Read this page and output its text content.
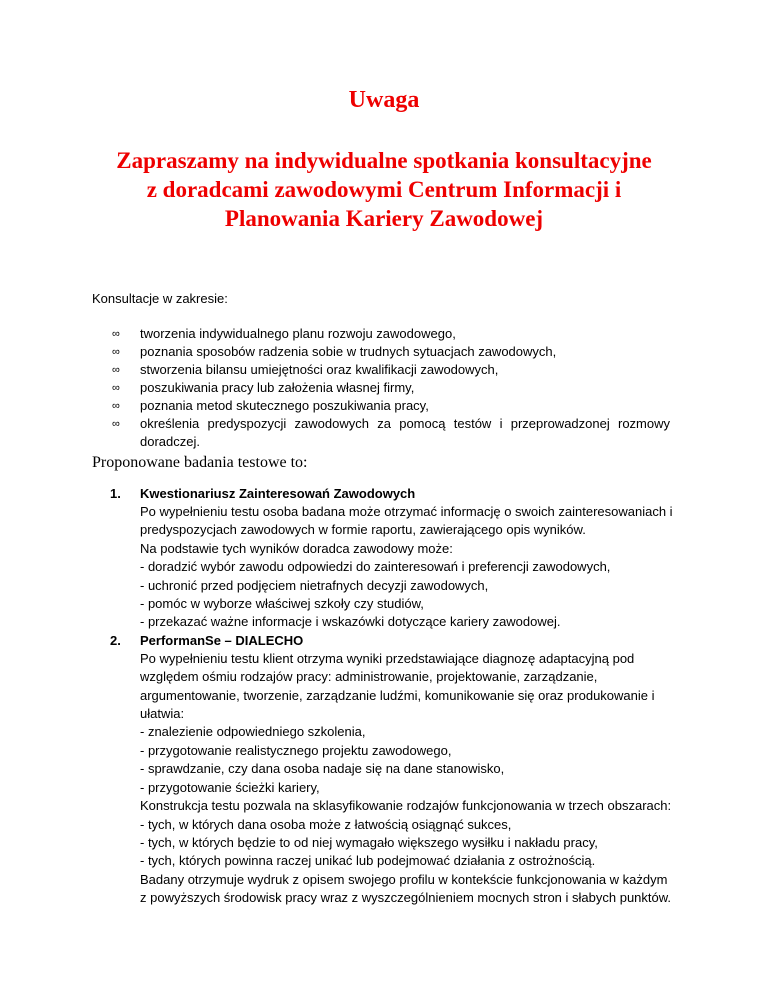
Uwaga
Zapraszamy na indywidualne spotkania konsultacyjne z doradcami zawodowymi Centrum Informacji i Planowania Kariery Zawodowej
Konsultacje w zakresie:
∞ tworzenia indywidualnego planu rozwoju zawodowego,
∞ poznania sposobów radzenia sobie w trudnych sytuacjach zawodowych,
∞ stworzenia bilansu umiejętności oraz kwalifikacji zawodowych,
∞ poszukiwania pracy lub założenia własnej firmy,
∞ poznania metod skutecznego poszukiwania pracy,
∞ określenia predyspozycji zawodowych za pomocą testów i przeprowadzonej rozmowy doradczej.
Proponowane badania testowe to:
1. Kwestionariusz Zainteresowań Zawodowych
Po wypełnieniu testu osoba badana może otrzymać informację o swoich zainteresowaniach i
predyspozycjach zawodowych w formie raportu, zawierającego opis wyników.
Na podstawie tych wyników doradca zawodowy może:
- doradzić wybór zawodu odpowiedzi do zainteresowań i preferencji zawodowych,
- uchronić przed podjęciem nietrafnych decyzji zawodowych,
- pomóc w wyborze właściwej szkoły czy studiów,
- przekazać ważne informacje i wskazówki dotyczące kariery zawodowej.
2. PerformanSe – DIALECHO
Po wypełnieniu testu klient otrzyma wyniki przedstawiające diagnozę adaptacyjną pod
względem ośmiu rodzajów pracy: administrowanie, projektowanie, zarządzanie,
argumentowanie, tworzenie, zarządzanie ludźmi, komunikowanie się oraz produkowanie i
ułatwia:
- znalezienie odpowiedniego szkolenia,
- przygotowanie realistycznego projektu zawodowego,
- sprawdzanie, czy dana osoba nadaje się na dane stanowisko,
- przygotowanie ścieżki kariery,
Konstrukcja testu pozwala na sklasyfikowanie rodzajów funkcjonowania w trzech obszarach:
- tych, w których dana osoba może z łatwością osiągnąć sukces,
- tych, w których będzie to od niej wymagało większego wysiłku i nakładu pracy,
- tych, których powinna raczej unikać lub podejmować działania z ostrożnością.
Badany otrzymuje wydruk z opisem swojego profilu w kontekście funkcjonowania w każdym
z powyższych środowisk pracy wraz z wyszczególnieniem mocnych stron i słabych punktów.
